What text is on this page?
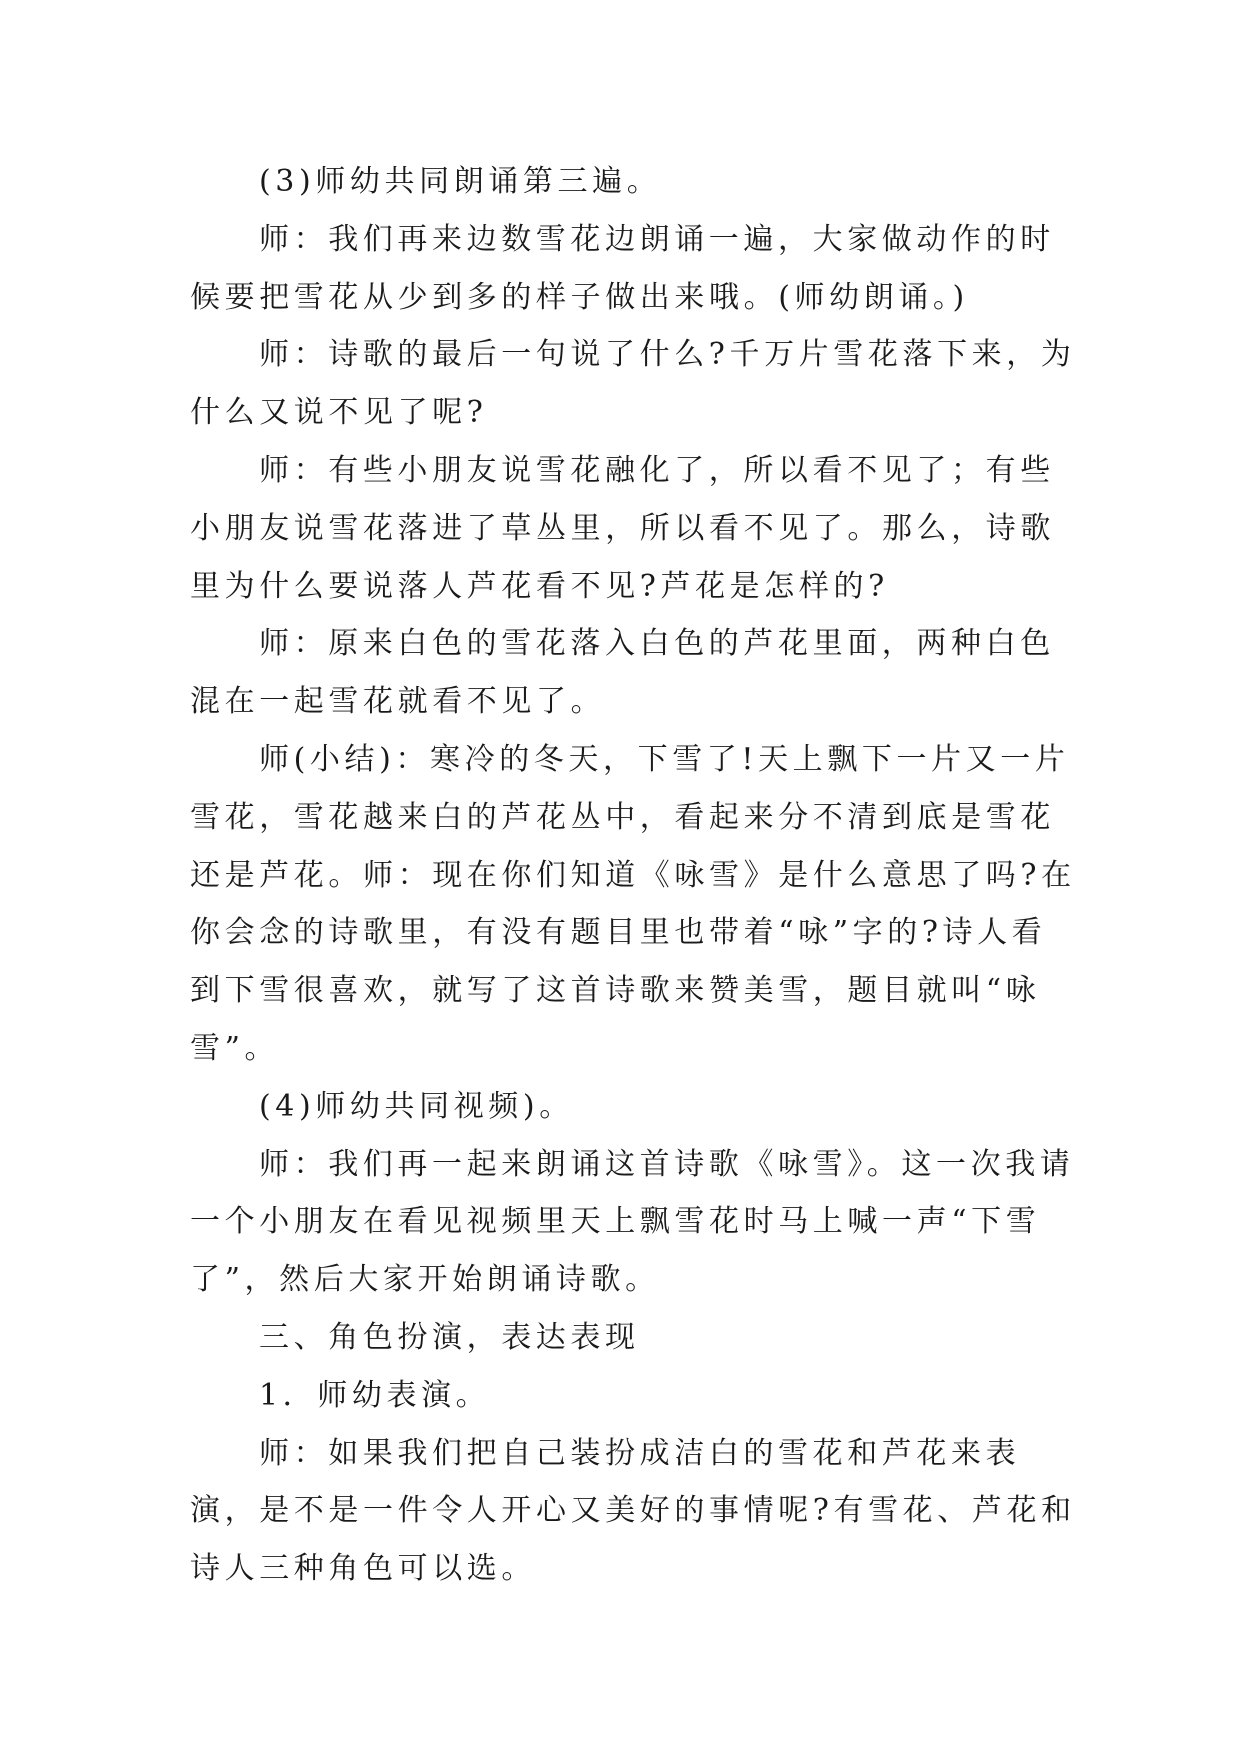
(3)师幼共同朗诵第三遍。

师：我们再来边数雪花边朗诵一遍，大家做动作的时候要把雪花从少到多的样子做出来哦。(师幼朗诵。)

师：诗歌的最后一句说了什么?千万片雪花落下来，为什么又说不见了呢?

师：有些小朋友说雪花融化了，所以看不见了；有些小朋友说雪花落进了草丛里，所以看不见了。那么，诗歌里为什么要说落人芦花看不见?芦花是怎样的?

师：原来白色的雪花落入白色的芦花里面，两种白色混在一起雪花就看不见了。

师(小结)：寒冷的冬天，下雪了!天上飘下一片又一片雪花，雪花越来白的芦花丛中，看起来分不清到底是雪花还是芦花。师：现在你们知道《咏雪》是什么意思了吗?在你会念的诗歌里，有没有题目里也带着“咏”字的?诗人看到下雪很喜欢，就写了这首诗歌来赞美雪，题目就叫“咏雪”。

(4)师幼共同视频)。

师：我们再一起来朗诵这首诗歌《咏雪》。这一次我请一个小朋友在看见视频里天上飘雪花时马上喊一声“下雪了”，然后大家开始朗诵诗歌。

三、角色扮演，表达表现

1．师幼表演。

师：如果我们把自己装扮成洁白的雪花和芦花来表演，是不是一件令人开心又美好的事情呢?有雪花、芦花和诗人三种角色可以选。
